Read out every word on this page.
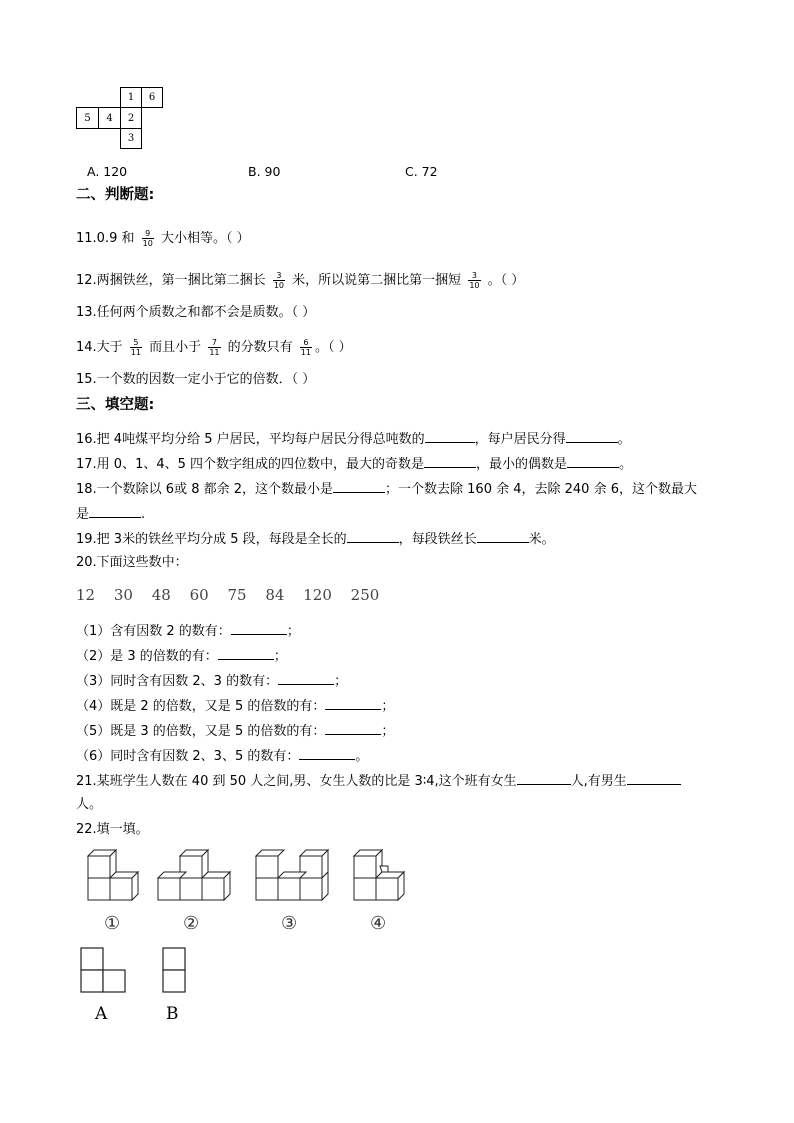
1	6
5	4	2
3
A. 120	B. 90	C. 72
二、判断题:
11.0.9 和 $\frac{9}{10}$ 大小相等。（ ）
12.两捆铁丝，第一捆比第二捆长 $\frac{3}{10}$ 米，所以说第二捆比第一捆短 $\frac{3}{10}$ 。（ ）
13.任何两个质数之和都不会是质数。（ ）
14.大于 $\frac{5}{11}$ 而且小于 $\frac{7}{11}$ 的分数只有 $\frac{6}{11}$ 。（ ）
15.一个数的因数一定小于它的倍数．（ ）
三、填空题:
16.把 4吨煤平均分给 5 户居民，平均每户居民分得总吨数的	，每户居民分得	。
17.用 0、1、4、5 四个数字组成的四位数中，最大的奇数是	，最小的偶数是	。
18.一个数除以 6或 8 都余 2，这个数最小是	；一个数去除 160 余 4，去除 240 余 6，这个数最大
是	.
19.把 3米的铁丝平均分成 5 段，每段是全长的	，每段铁丝长	米。
20.下面这些数中：
12 30 48 60 75 84 120 250
（1）含有因数 2 的数有：	；
（2）是 3 的倍数的有：	；
（3）同时含有因数 2、3 的数有：	；
（4）既是 2 的倍数，又是 5 的倍数的有：	；
（5）既是 3 的倍数，又是 5 的倍数的有：	；
（6）同时含有因数 2、3、5 的数有：	。
21.某班学生人数在 40 到 50 人之间,男、女生人数的比是 3∶4,这个班有女生	人,有男生
人。
22.填一填。
①	②	③	④
A	B
